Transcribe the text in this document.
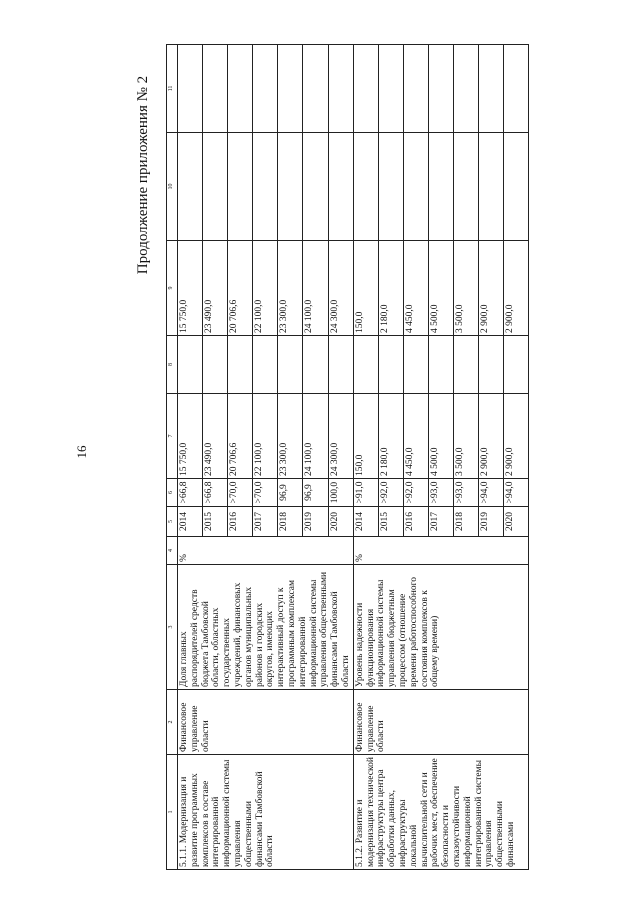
16
Продолжение приложения № 2
1	2	3	4	5	6	7	8	9	10	11
5.1.1. Модернизация и развитие программных комплексов в составе интегрированной информационной системы управления общественными финансами Тамбовской области	Финансовое управление области	Доля главных распорядителей средств бюджета Тамбовской области, областных государственных учреждений, финансовых органов муниципальных районов и городских округов, имеющих интерактивный доступ к программным комплексам интегрированной информационной системы управления общественными финансами Тамбовской области	%	2014	>66,8	15 750,0		15 750,0		
				2015	>66,8	23 490,0		23 490,0		
				2016	>70,0	20 706,6		20 706,6		
				2017	>70,0	22 100,0		22 100,0		
				2018	96,9	23 300,0		23 300,0		
				2019	96,9	24 100,0		24 100,0		
				2020	100,0	24 300,0		24 300,0		
5.1.2. Развитие и модернизация технической инфраструктуры центра обработки данных, инфраструктуры локальной вычислительной сети и рабочих мест, обеспечение безопасности и отказоустойчивости информационной интегрированной системы управления общественными финансами	Финансовое управление области	Уровень надежности функционирования информационной системы управления бюджетным процессом (отношение времени работоспособного состояния комплексов к общему времени)	%	2014	>91,0	150,0		150,0		
				2015	>92,0	2 180,0		2 180,0		
				2016	>92,0	4 450,0		4 450,0		
				2017	>93,0	4 500,0		4 500,0		
				2018	>93,0	3 500,0		3 500,0		
				2019	>94,0	2 900,0		2 900,0		
				2020	>94,0	2 900,0		2 900,0		
